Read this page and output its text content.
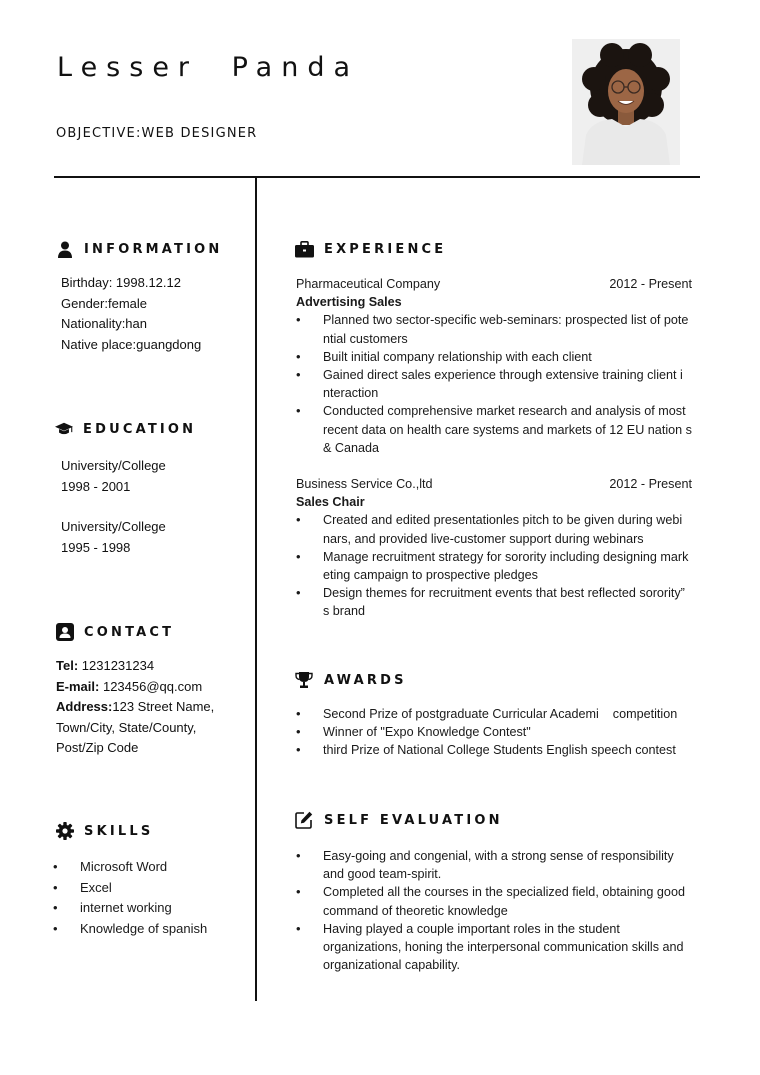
Lesser Panda
OBJECTIVE:WEB DESIGNER
INFORMATION
Birthday: 1998.12.12
Gender:female
Nationality:han
Native place:guangdong
EDUCATION
University/College
1998 - 2001
University/College
1995 - 1998
CONTACT
Tel: 1231231234
E-mail: 123456@qq.com
Address:123 Street Name,
Town/City, State/County,
Post/Zip Code
SKILLS
• Microsoft Word
• Excel
• internet working
• Knowledge of spanish
EXPERIENCE
Pharmaceutical Company	2012 - Present
Advertising Sales
• Planned two sector-specific web-seminars: prospected list of pote ntial customers
• Built initial company relationship with each client
• Gained direct sales experience through extensive training client i nteraction
• Conducted comprehensive market research and analysis of most recent data on health care systems and markets of 12 EU nation s & Canada
Business Service Co.,ltd	2012 - Present
Sales Chair
• Created and edited presentationles pitch to be given during webi nars, and provided live-customer support during webinars
• Manage recruitment strategy for sorority including designing mark eting campaign to prospective pledges
• Design themes for recruitment events that best reflected sorority” s brand
AWARDS
• Second Prize of postgraduate Curricular Academi    competition
• Winner of "Expo Knowledge Contest"
• third Prize of National College Students English speech contest
SELF EVALUATION
• Easy-going and congenial, with a strong sense of responsibility and good team-spirit.
• Completed all the courses in the specialized field, obtaining good command of theoretic knowledge
• Having played a couple important roles in the student organizations, honing the interpersonal communication skills and organizational capability.
